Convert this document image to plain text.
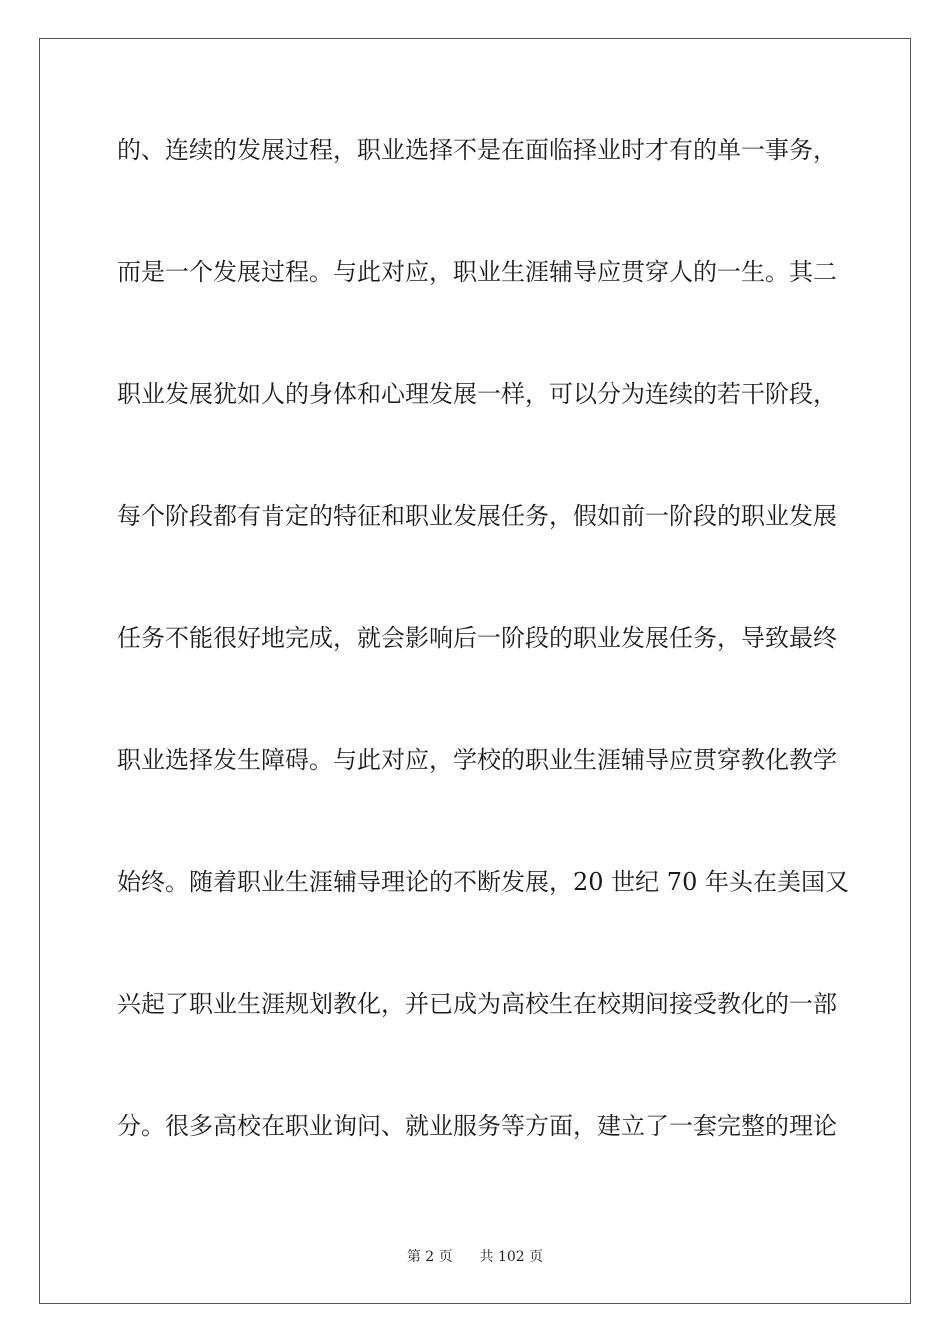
的、连续的发展过程，职业选择不是在面临择业时才有的单一事务，
而是一个发展过程。与此对应，职业生涯辅导应贯穿人的一生。其二
职业发展犹如人的身体和心理发展一样，可以分为连续的若干阶段，
每个阶段都有肯定的特征和职业发展任务，假如前一阶段的职业发展
任务不能很好地完成，就会影响后一阶段的职业发展任务，导致最终
职业选择发生障碍。与此对应，学校的职业生涯辅导应贯穿教化教学
始终。随着职业生涯辅导理论的不断发展，20 世纪 70 年头在美国又
兴起了职业生涯规划教化，并已成为高校生在校期间接受教化的一部
分。很多高校在职业询问、就业服务等方面，建立了一套完整的理论
第 2 页 共 102 页
